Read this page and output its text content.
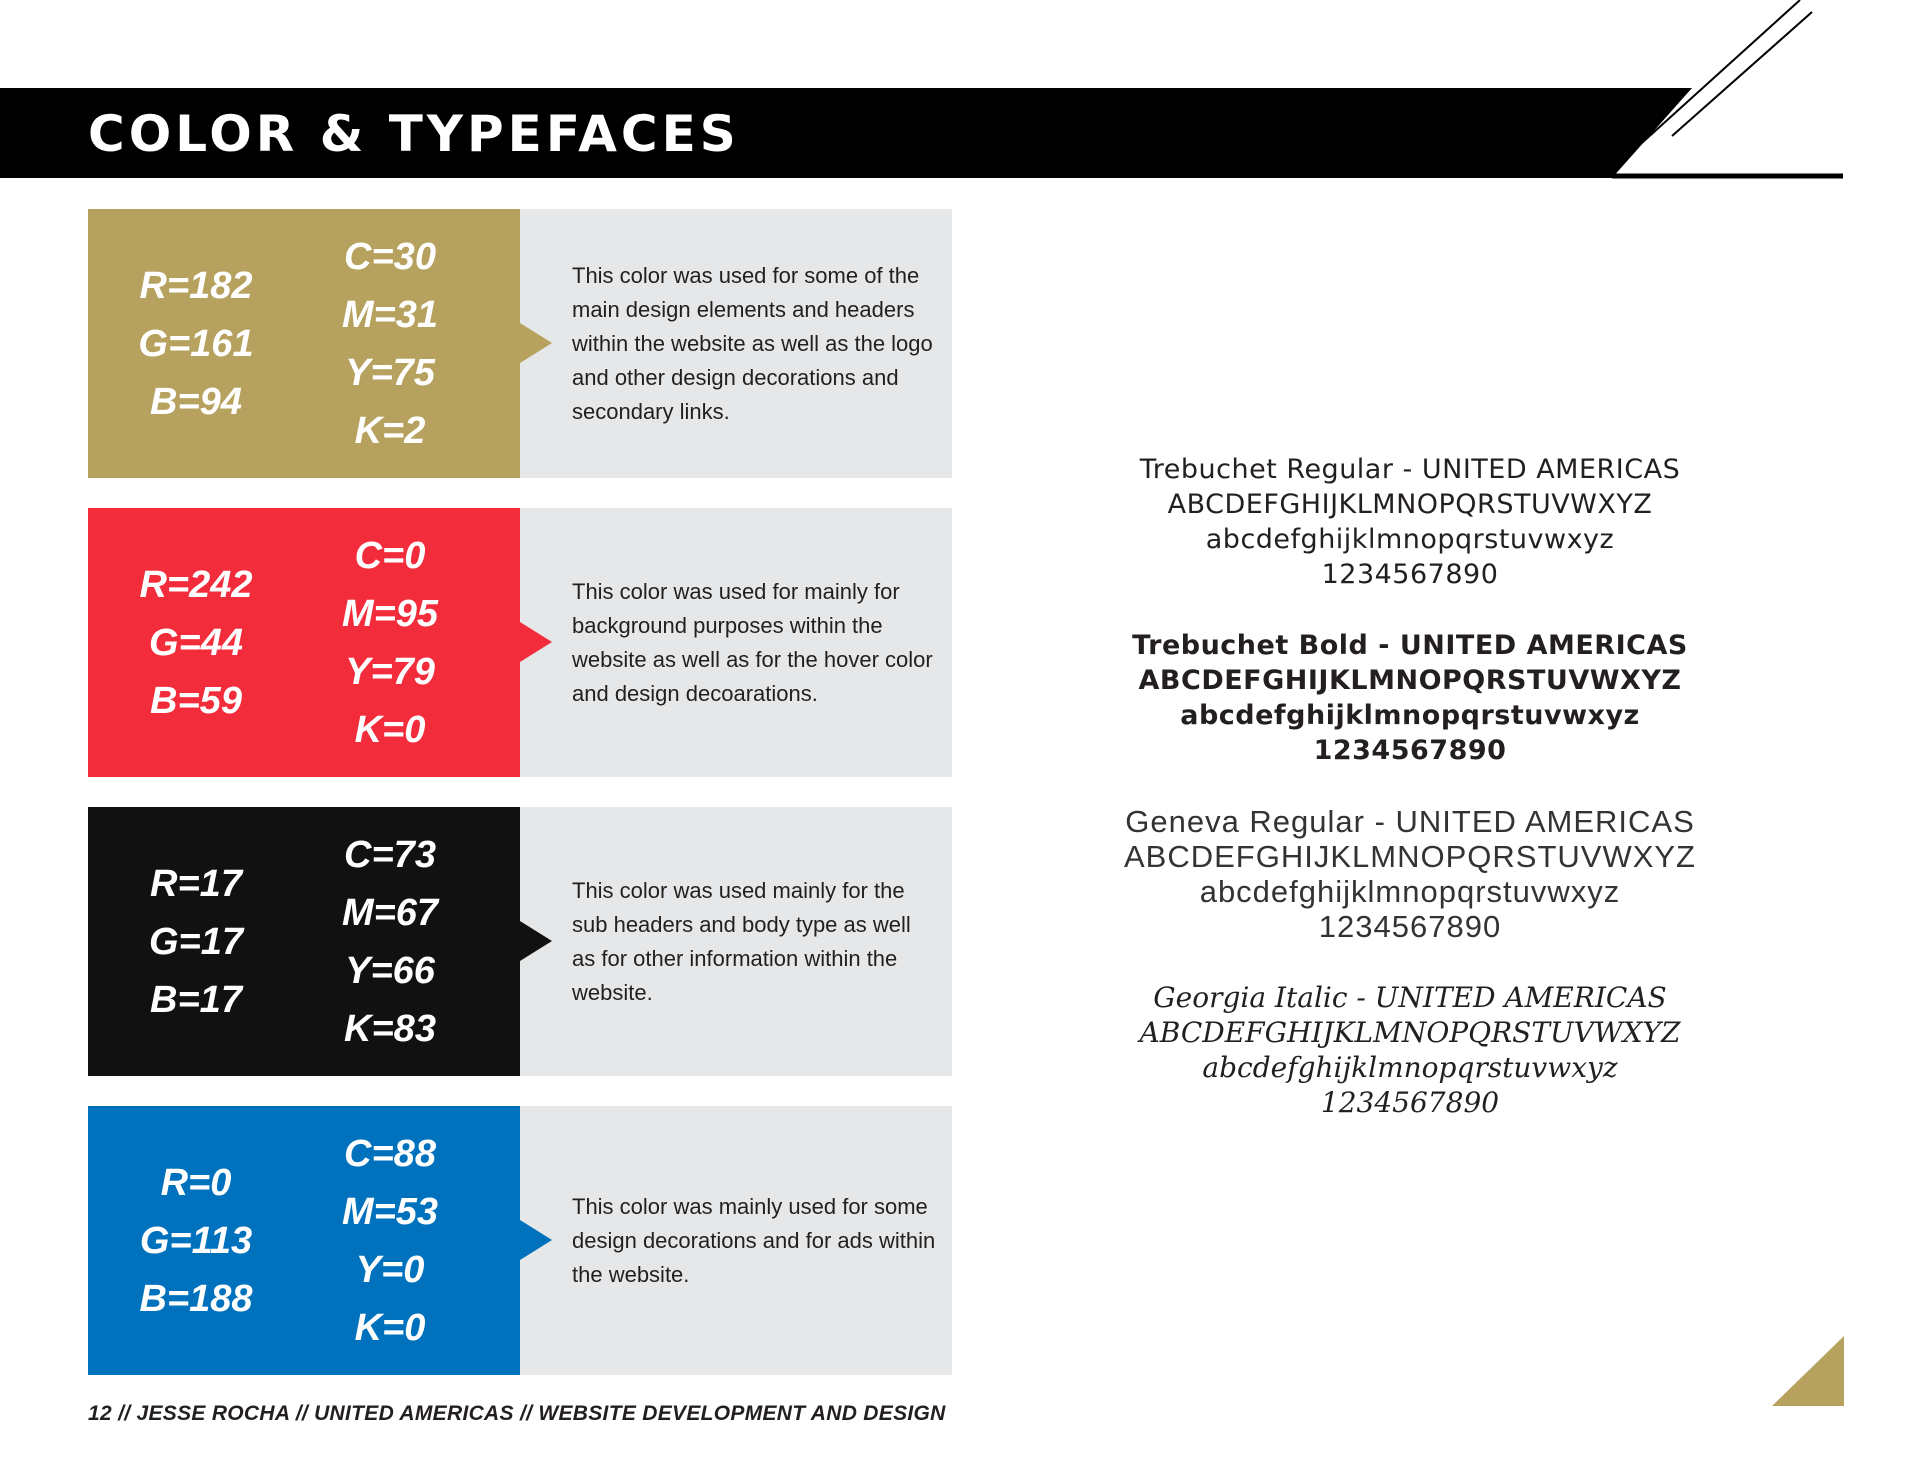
COLOR & TYPEFACES
R=182
G=161
B=94
C=30
M=31
Y=75
K=2

This color was used for some of the main design elements and headers within the website as well as the logo and other design decorations and secondary links.

R=242
G=44
B=59
C=0
M=95
Y=79
K=0

This color was used for mainly for background purposes within the website as well as for the hover color and design decoarations.

R=17
G=17
B=17
C=73
M=67
Y=66
K=83

This color was used mainly for the sub headers and body type as well as for other information within the website.

R=0
G=113
B=188
C=88
M=53
Y=0
K=0

This color was mainly used for some design decorations and for ads within the website.

Trebuchet Regular - UNITED AMERICAS
ABCDEFGHIJKLMNOPQRSTUVWXYZ
abcdefghijklmnopqrstuvwxyz
1234567890
Trebuchet Bold - UNITED AMERICAS
ABCDEFGHIJKLMNOPQRSTUVWXYZ
abcdefghijklmnopqrstuvwxyz
1234567890
Geneva Regular - UNITED AMERICAS
ABCDEFGHIJKLMNOPQRSTUVWXYZ
abcdefghijklmnopqrstuvwxyz
1234567890
Georgia Italic - UNITED AMERICAS
ABCDEFGHIJKLMNOPQRSTUVWXYZ
abcdefghijklmnopqrstuvwxyz
1234567890

12 // JESSE ROCHA // UNITED AMERICAS // WEBSITE DEVELOPMENT AND DESIGN
